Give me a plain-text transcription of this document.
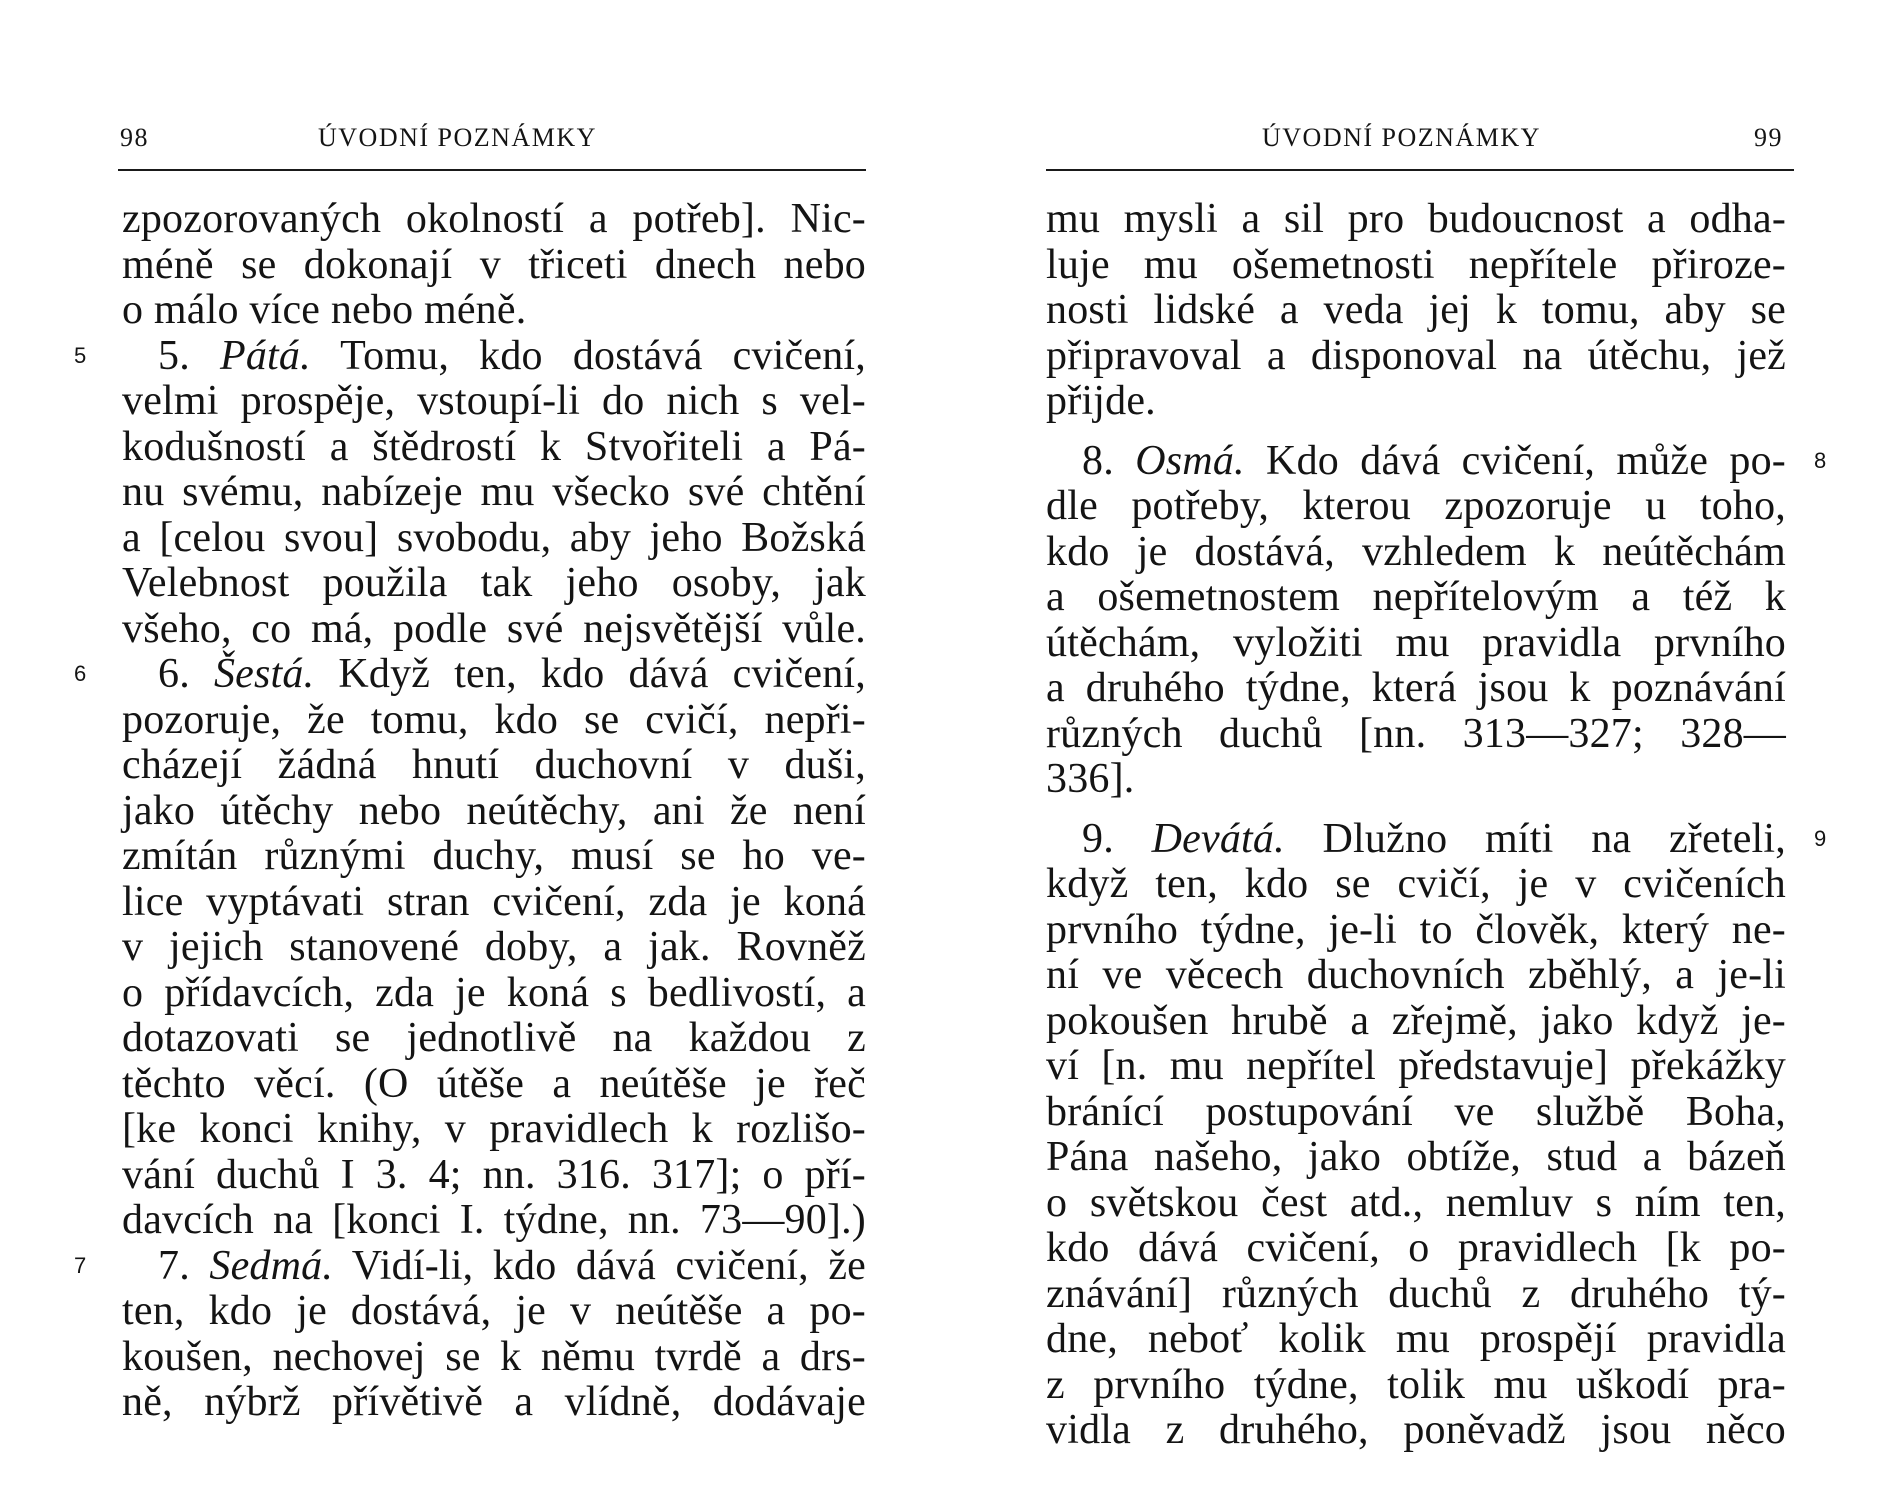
98	ÚVODNÍ POZNÁMKY
zpozorovaných okolností a potřeb]. Nic-
méně se dokonají v třiceti dnech nebo
o málo více nebo méně.
5. Pátá. Tomu, kdo dostává cvičení,
velmi prospěje, vstoupí-li do nich s vel-
kodušností a štědrostí k Stvořiteli a Pá-
nu svému, nabízeje mu všecko své chtění
a [celou svou] svobodu, aby jeho Božská
Velebnost použila tak jeho osoby, jak
všeho, co má, podle své nejsvětější vůle.
6. Šestá. Když ten, kdo dává cvičení,
pozoruje, že tomu, kdo se cvičí, nepři-
cházejí žádná hnutí duchovní v duši,
jako útěchy nebo neútěchy, ani že není
zmítán různými duchy, musí se ho ve-
lice vyptávati stran cvičení, zda je koná
v jejich stanovené doby, a jak. Rovněž
o přídavcích, zda je koná s bedlivostí, a
dotazovati se jednotlivě na každou z
těchto věcí. (O útěše a neútěše je řeč
[ke konci knihy, v pravidlech k rozlišo-
vání duchů I 3. 4; nn. 316. 317]; o pří-
davcích na [konci I. týdne, nn. 73—90].)
7. Sedmá. Vidí-li, kdo dává cvičení, že
ten, kdo je dostává, je v neútěše a po-
koušen, nechovej se k němu tvrdě a drs-
ně, nýbrž přívětivě a vlídně, dodávaje
5
6
7
ÚVODNÍ POZNÁMKY	99
mu mysli a sil pro budoucnost a odha-
luje mu ošemetnosti nepřítele přiroze-
nosti lidské a veda jej k tomu, aby se
připravoval a disponoval na útěchu, jež
přijde.
8. Osmá. Kdo dává cvičení, může po-
dle potřeby, kterou zpozoruje u toho,
kdo je dostává, vzhledem k neútěchám
a ošemetnostem nepřítelovým a též k
útěchám, vyložiti mu pravidla prvního
a druhého týdne, která jsou k poznávání
různých duchů [nn. 313—327; 328—
336].
9. Devátá. Dlužno míti na zřeteli,
když ten, kdo se cvičí, je v cvičeních
prvního týdne, je-li to člověk, který ne-
ní ve věcech duchovních zběhlý, a je-li
pokoušen hrubě a zřejmě, jako když je-
ví [n. mu nepřítel představuje] překážky
bránící postupování ve službě Boha,
Pána našeho, jako obtíže, stud a bázeň
o světskou čest atd., nemluv s ním ten,
kdo dává cvičení, o pravidlech [k po-
znávání] různých duchů z druhého tý-
dne, neboť kolik mu prospějí pravidla
z prvního týdne, tolik mu uškodí pra-
vidla z druhého, poněvadž jsou něco
8
9
